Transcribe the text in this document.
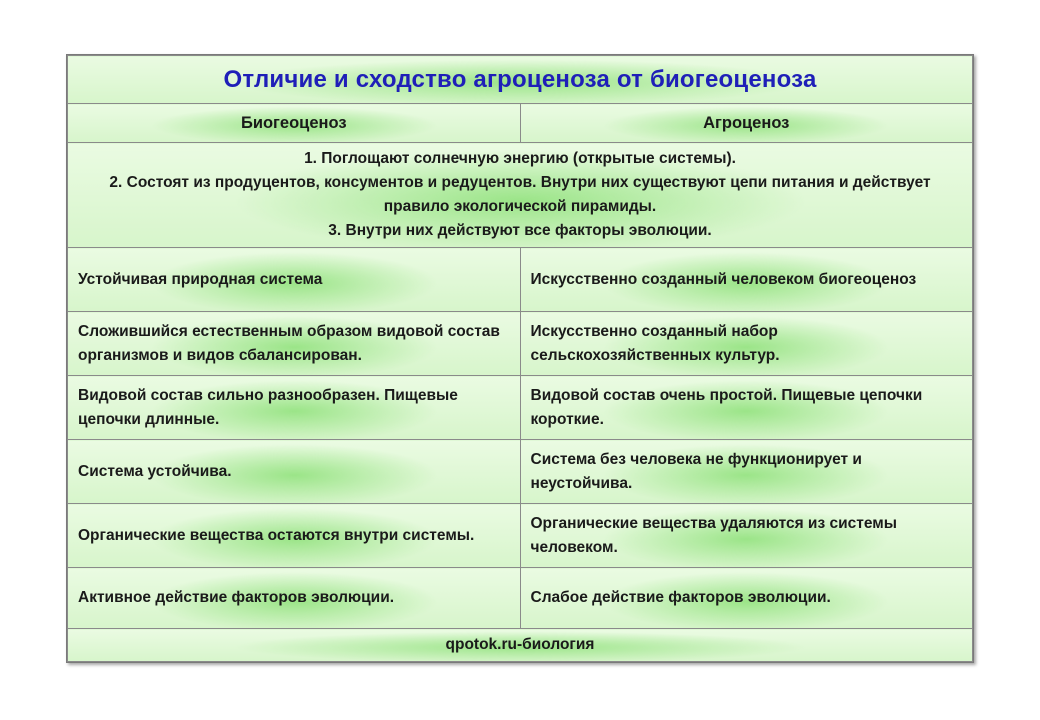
Отличие и сходство агроценоза от биогеоценоза	
Биогеоценоз	Агроценоз

1. Поглощают солнечную энергию (открытые системы).
2. Состоят из продуцентов, консументов и редуцентов. Внутри них существуют цепи питания и действует правило экологической пирамиды.
3. Внутри них действуют все факторы эволюции.	

Устойчивая природная система	Искусственно созданный человеком биогеоценоз
Сложившийся естественным образом видовой состав организмов и видов сбалансирован.	Искусственно созданный набор сельскохозяйственных культур.
Видовой состав сильно разнообразен. Пищевые цепочки длинные.	Видовой состав очень простой. Пищевые цепочки короткие.
Система устойчива.	Система без человека не функционирует и неустойчива.
Органические вещества остаются внутри системы.	Органические вещества удаляются из системы человеком.
Активное действие факторов эволюции.	Слабое действие факторов эволюции.
qpotok.ru-биология	
